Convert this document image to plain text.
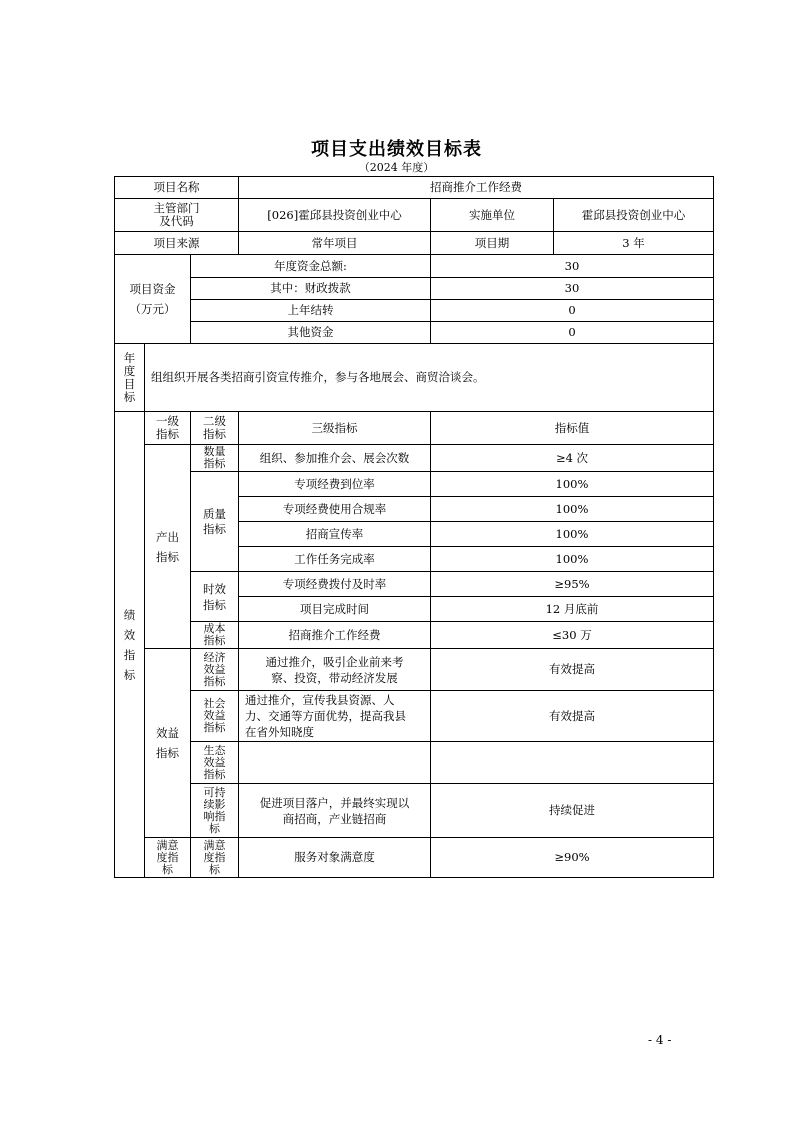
项目支出绩效目标表
（2024 年度）
项目名称			招商推介工作经费		
主管部门及代码			[026]霍邱县投资创业中心	实施单位	霍邱县投资创业中心
项目来源			常年项目	项目期	3 年
项目资金（万元）		年度资金总额:		30	
		其中：财政拨款		30	
		上年结转		0	
		其他资金		0	
年度目标	组组织开展各类招商引资宣传推介，参与各地展会、商贸洽谈会。				
绩效指标	一级指标	二级指标	三级指标	指标值	
	产出指标	数量指标	组织、参加推介会、展会次数	≥4 次	
		质量指标	专项经费到位率	100%	
			专项经费使用合规率	100%	
			招商宣传率	100%	
			工作任务完成率	100%	
		时效指标	专项经费拨付及时率	≥95%	
			项目完成时间	12 月底前	
		成本指标	招商推介工作经费	≤30 万	
	效益指标	经济效益指标	通过推介，吸引企业前来考察、投资，带动经济发展	有效提高	
		社会效益指标	通过推介，宣传我县资源、人力、交通等方面优势，提高我县在省外知晓度	有效提高	
		生态效益指标			
		可持续影响指标	促进项目落户，并最终实现以商招商，产业链招商	持续促进	
	满意度指标	满意度指标	服务对象满意度	≥90%	
- 4 -
